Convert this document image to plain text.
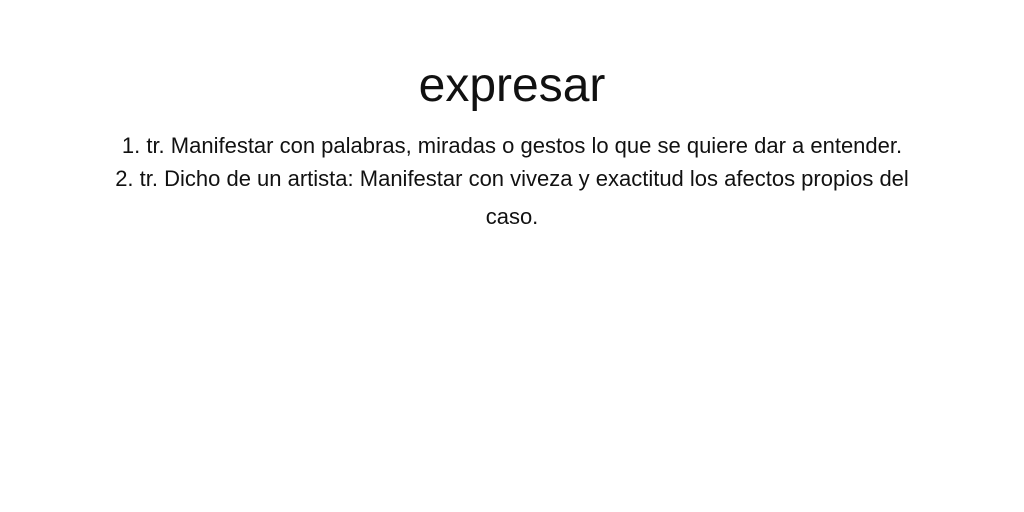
expresar

1. tr. Manifestar con palabras, miradas o gestos lo que se quiere dar a entender.

2. tr. Dicho de un artista: Manifestar con viveza y exactitud los afectos propios del caso.
